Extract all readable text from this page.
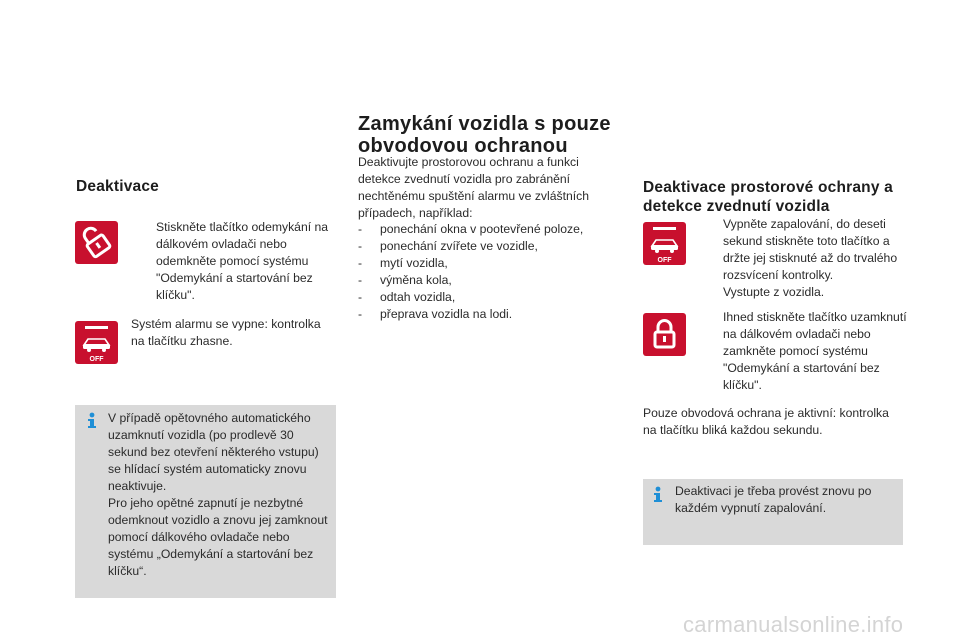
Deaktivace
Stiskněte tlačítko odemykání na dálkovém ovladači nebo odemkněte pomocí systému "Odemykání a startování bez klíčku".
OFF
Systém alarmu se vypne: kontrolka na tlačítku zhasne.
V případě opětovného automatického uzamknutí vozidla (po prodlevě 30 sekund bez otevření některého vstupu) se hlídací systém automaticky znovu neaktivuje.
Pro jeho opětné zapnutí je nezbytné odemknout vozidlo a znovu jej zamknout pomocí dálkového ovladače nebo systému „Odemykání a startování bez klíčku“.
Zamykání vozidla s pouze obvodovou ochranou
Deaktivujte prostorovou ochranu a funkci detekce zvednutí vozidla pro zabránění nechtěnému spuštění alarmu ve zvláštních případech, například:
- ponechání okna v pootevřené poloze,
- ponechání zvířete ve vozidle,
- mytí vozidla,
- výměna kola,
- odtah vozidla,
- přeprava vozidla na lodi.
Deaktivace prostorové ochrany a detekce zvednutí vozidla
OFF
Vypněte zapalování, do deseti sekund stiskněte toto tlačítko a držte jej stisknuté až do trvalého rozsvícení kontrolky.
Vystupte z vozidla.
Ihned stiskněte tlačítko uzamknutí na dálkovém ovladači nebo zamkněte pomocí systému "Odemykání a startování bez klíčku".
Pouze obvodová ochrana je aktivní: kontrolka na tlačítku bliká každou sekundu.
Deaktivaci je třeba provést znovu po každém vypnutí zapalování.
carmanualsonline.info
